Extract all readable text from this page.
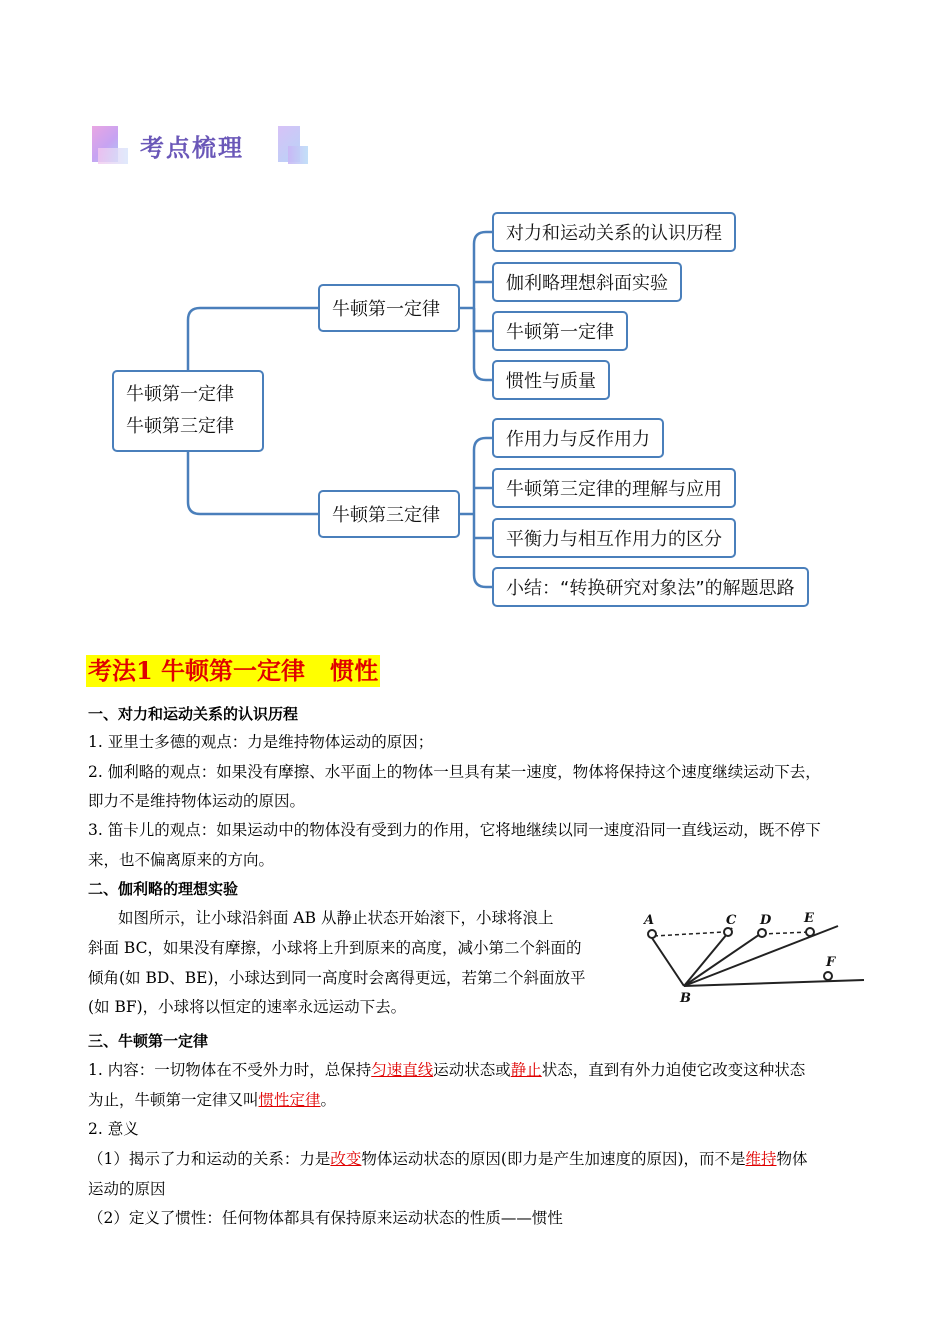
考点梳理
牛顿第一定律
牛顿第三定律
牛顿第一定律
牛顿第三定律
对力和运动关系的认识历程
伽利略理想斜面实验
牛顿第一定律
惯性与质量
作用力与反作用力
牛顿第三定律的理解与应用
平衡力与相互作用力的区分
小结：“转换研究对象法”的解题思路
考法1 牛顿第一定律   惯性
一、对力和运动关系的认识历程
1. 亚里士多德的观点：力是维持物体运动的原因；
2. 伽利略的观点：如果没有摩擦、水平面上的物体一旦具有某一速度，物体将保持这个速度继续运动下去，
即力不是维持物体运动的原因。
3. 笛卡儿的观点：如果运动中的物体没有受到力的作用，它将地继续以同一速度沿同一直线运动，既不停下
来，也不偏离原来的方向。
二、伽利略的理想实验
如图所示，让小球沿斜面 AB 从静止状态开始滚下，小球将浪上
斜面 BC，如果没有摩擦，小球将上升到原来的高度，减小第二个斜面的
倾角(如 BD、BE)，小球达到同一高度时会离得更远，若第二个斜面放平
(如 BF)，小球将以恒定的速率永远运动下去。
A
B
C D	E
F
三、牛顿第一定律
1. 内容：一切物体在不受外力时，总保持匀速直线运动状态或静止状态，直到有外力迫使它改变这种状态
为止，牛顿第一定律又叫惯性定律。
2. 意义
（1）揭示了力和运动的关系：力是改变物体运动状态的原因(即力是产生加速度的原因)，而不是维持物体
运动的原因
（2）定义了惯性：任何物体都具有保持原来运动状态的性质——惯性
